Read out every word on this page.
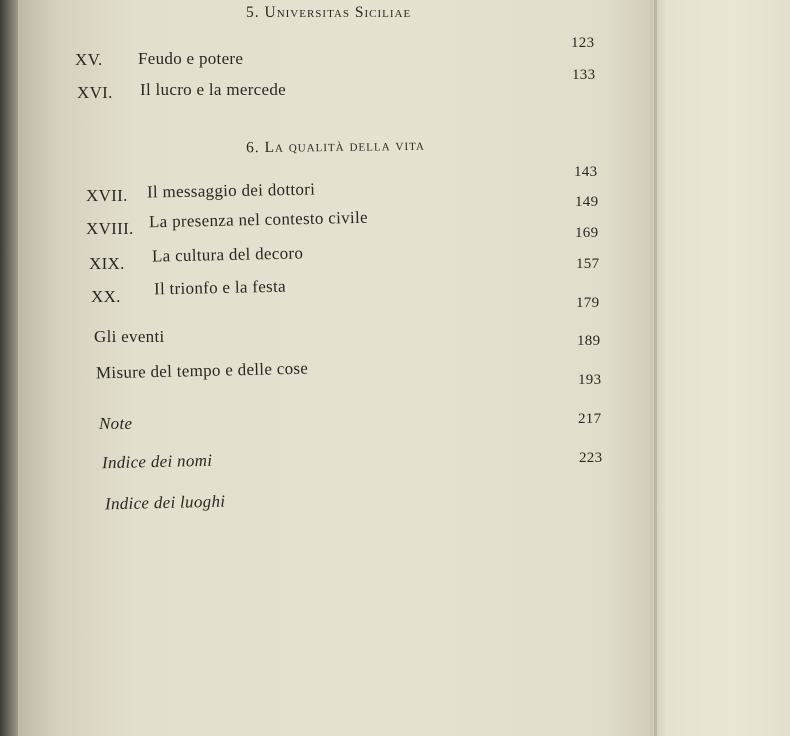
5. Universitas Siciliae
XV. Feudo e potere
123
XVI. Il lucro e la mercede
133
6. La qualità della vita
XVII. Il messaggio dei dottori
143
XVIII. La presenza nel contesto civile
149
XIX. La cultura del decoro
169
XX. Il trionfo e la festa
157
Gli eventi
179
Misure del tempo e delle cose
189
Note
193
Indice dei nomi
217
Indice dei luoghi
223
